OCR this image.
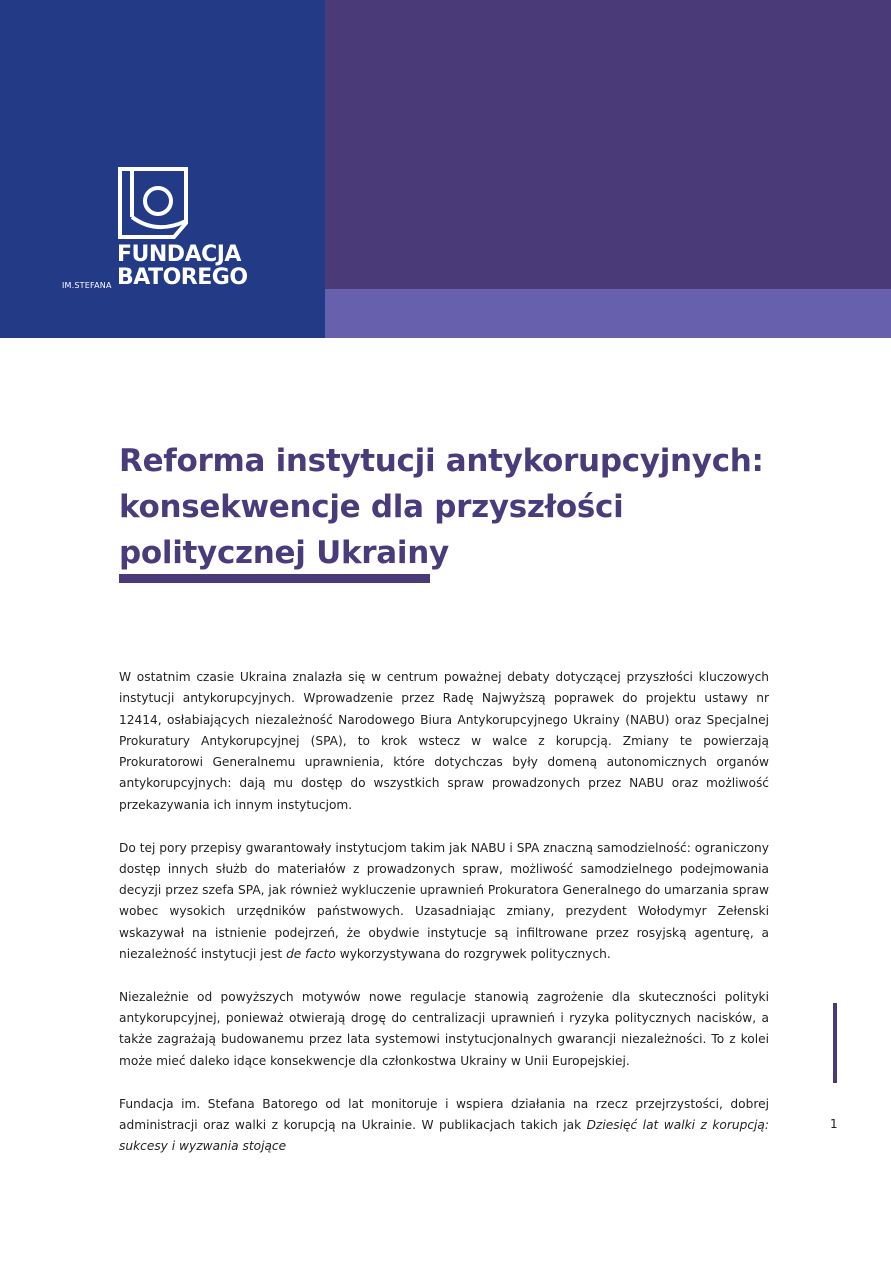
FUNDACJA
IM.STEFANA BATOREGO
Reforma instytucji antykorupcyjnych:
konsekwencje dla przyszłości
politycznej Ukrainy

W ostatnim czasie Ukraina znalazła się w centrum poważnej debaty dotyczącej przyszłości kluczowych instytucji antykorupcyjnych. Wprowadzenie przez Radę Najwyższą poprawek do projektu ustawy nr 12414, osłabiających niezależność Narodowego Biura Antykorupcyjnego Ukrainy (NABU) oraz Specjalnej Prokuratury Antykorupcyjnej (SPA), to krok wstecz w walce z korupcją. Zmiany te powierzają Prokuratorowi Generalnemu uprawnienia, które dotychczas były domeną autonomicznych organów antykorupcyjnych: dają mu dostęp do wszystkich spraw prowadzonych przez NABU oraz możliwość przekazywania ich innym instytucjom.

Do tej pory przepisy gwarantowały instytucjom takim jak NABU i SPA znaczną samodzielność: ograniczony dostęp innych służb do materiałów z prowadzonych spraw, możliwość samodzielnego podejmowania decyzji przez szefa SPA, jak również wykluczenie uprawnień Prokuratora Generalnego do umarzania spraw wobec wysokich urzędników państwowych. Uzasadniając zmiany, prezydent Wołodymyr Zełenski wskazywał na istnienie podejrzeń, że obydwie instytucje są infiltrowane przez rosyjską agenturę, a niezależność instytucji jest de facto wykorzystywana do rozgrywek politycznych.

Niezależnie od powyższych motywów nowe regulacje stanowią zagrożenie dla skuteczności polityki antykorupcyjnej, ponieważ otwierają drogę do centralizacji uprawnień i ryzyka politycznych nacisków, a także zagrażają budowanemu przez lata systemowi instytucjonalnych gwarancji niezależności. To z kolei może mieć daleko idące konsekwencje dla członkostwa Ukrainy w Unii Europejskiej.

Fundacja im. Stefana Batorego od lat monitoruje i wspiera działania na rzecz przejrzystości, dobrej administracji oraz walki z korupcją na Ukrainie. W publikacjach takich jak Dziesięć lat walki z korupcją: sukcesy i wyzwania stojące

1
